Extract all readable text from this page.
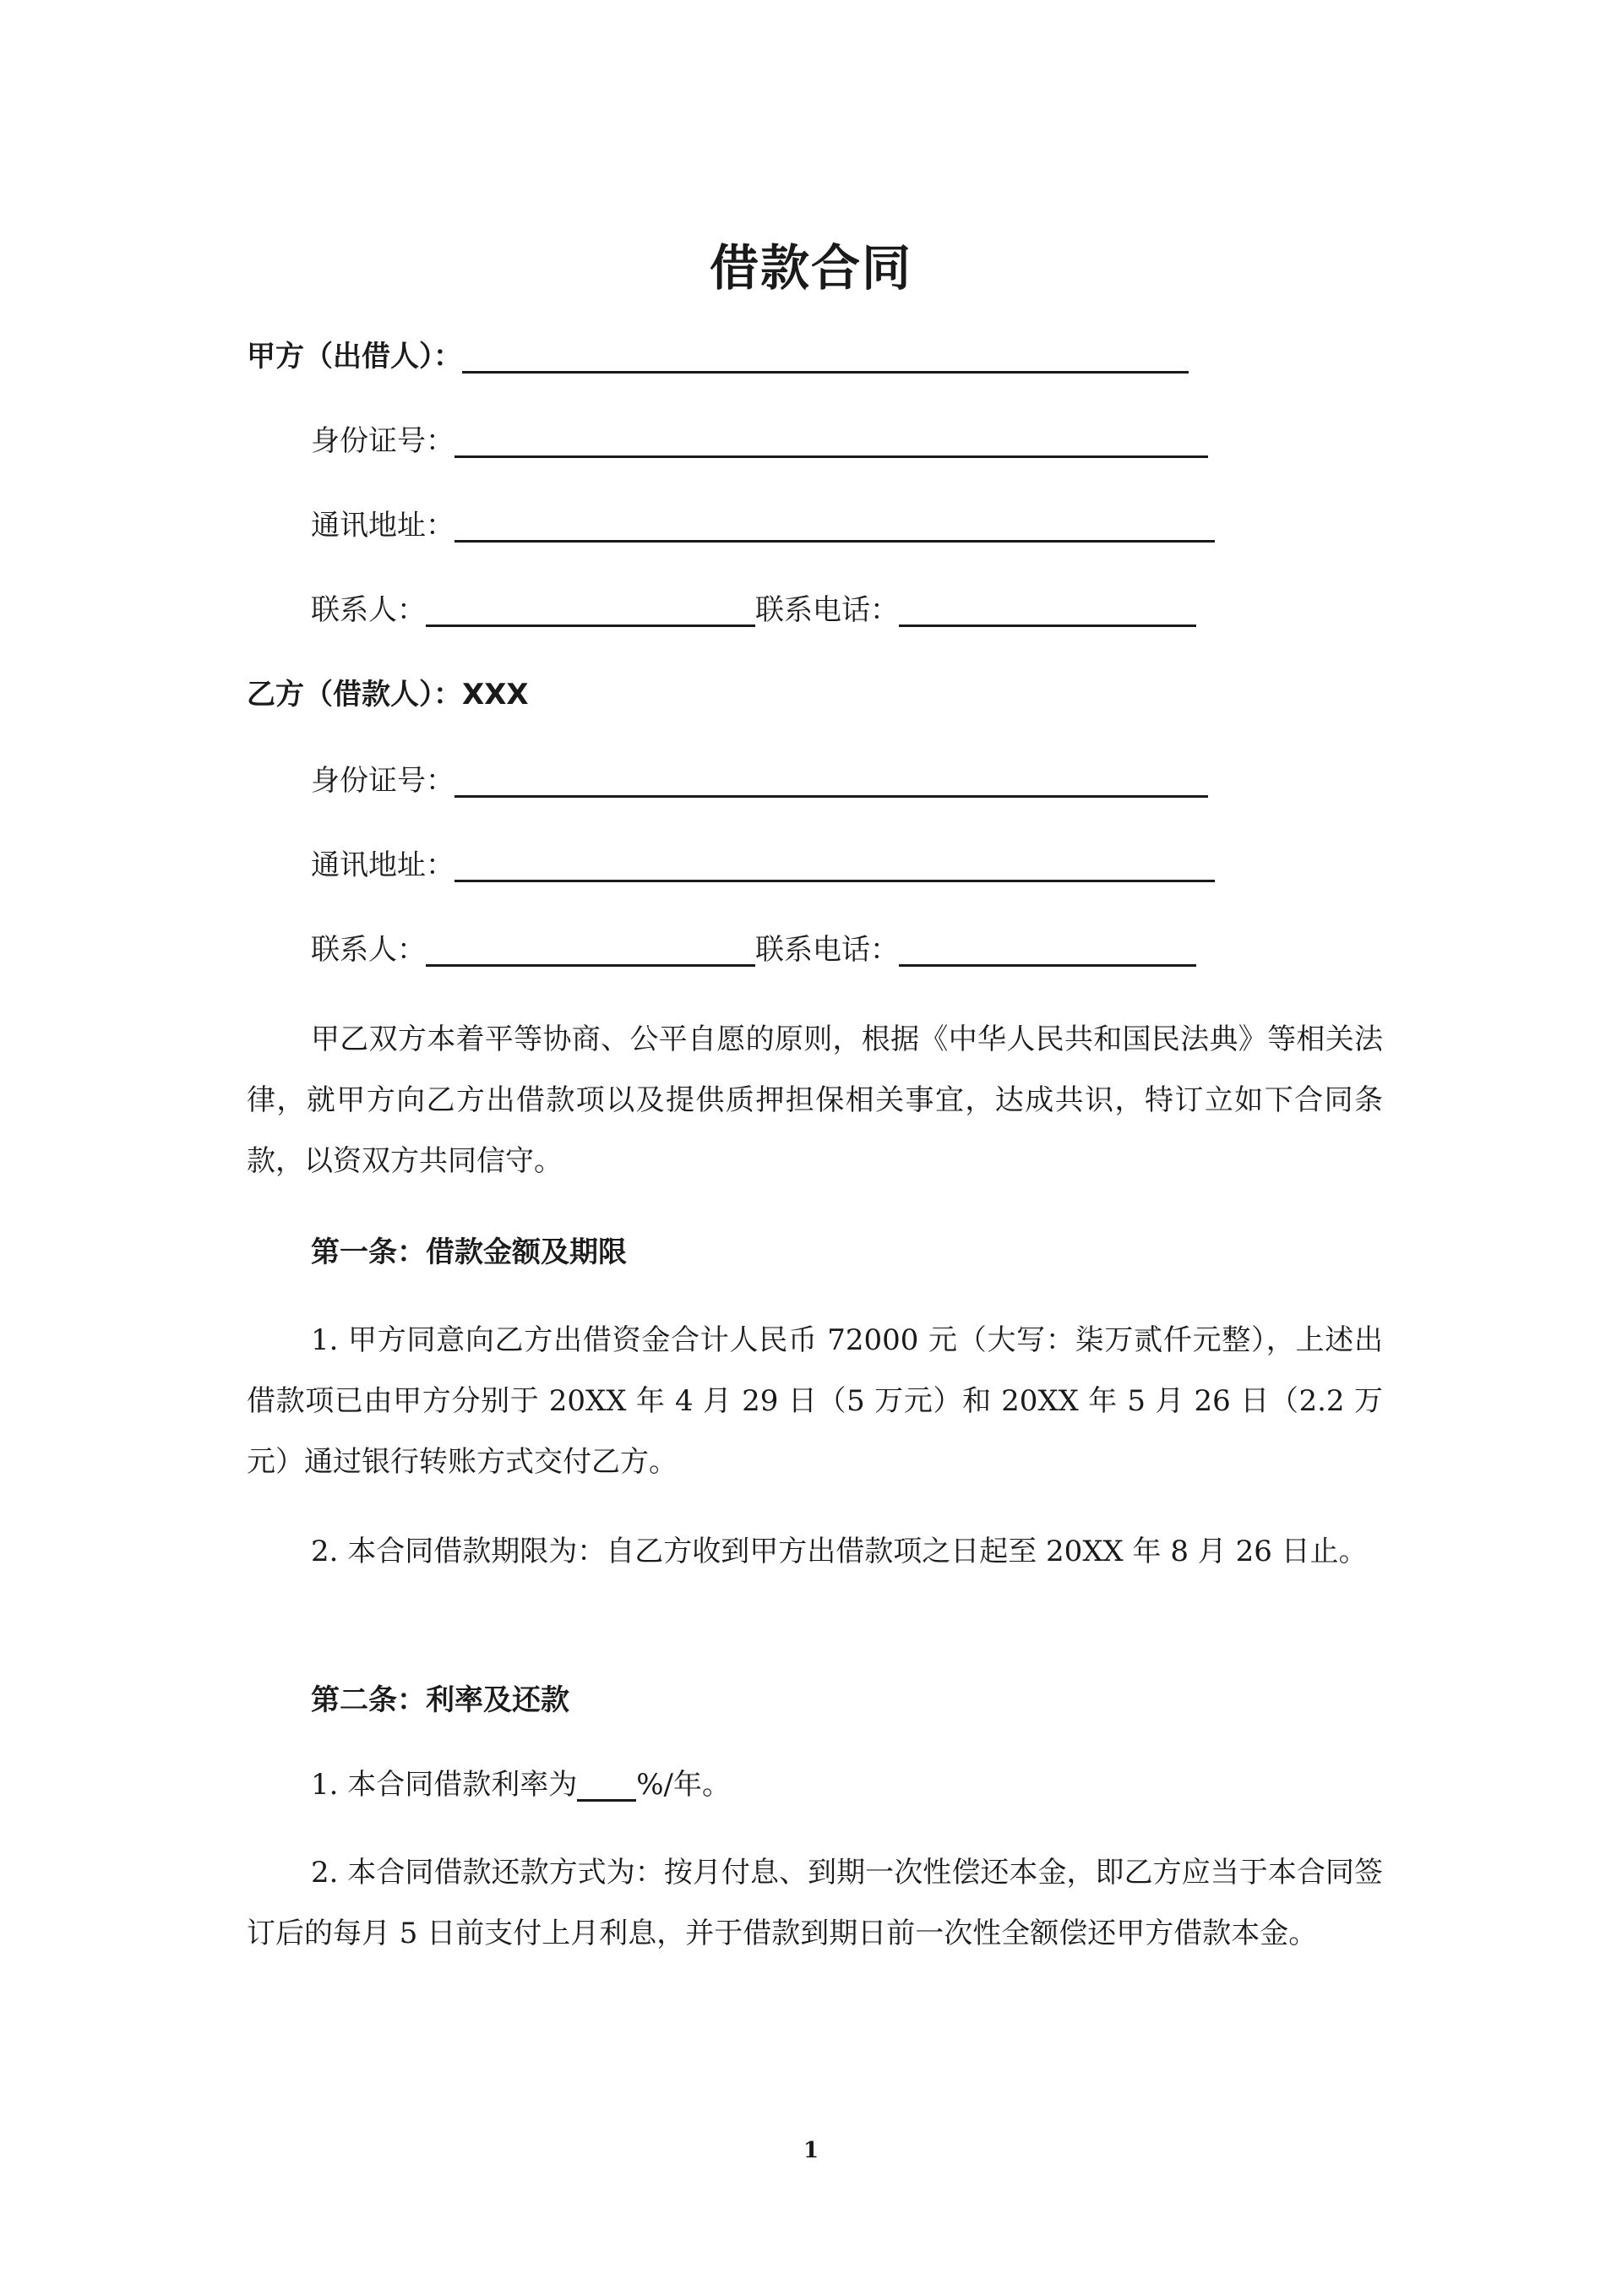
借款合同
甲方（出借人）：
身份证号：
通讯地址：
联系人：	联系电话：
乙方（借款人）：XXX
身份证号：
通讯地址：
联系人：	联系电话：
甲乙双方本着平等协商、公平自愿的原则，根据《中华人民共和国民法典》等相关法律，就甲方向乙方出借款项以及提供质押担保相关事宜，达成共识，特订立如下合同条款，以资双方共同信守。
第一条：借款金额及期限
1. 甲方同意向乙方出借资金合计人民币 72000 元（大写：柒万贰仟元整），上述出借款项已由甲方分别于 20XX 年 4 月 29 日（5 万元）和 20XX 年 5 月 26 日（2.2 万元）通过银行转账方式交付乙方。
2. 本合同借款期限为：自乙方收到甲方出借款项之日起至 20XX 年 8 月 26 日止。
第二条：利率及还款
1. 本合同借款利率为 %/年。
2. 本合同借款还款方式为：按月付息、到期一次性偿还本金，即乙方应当于本合同签订后的每月 5 日前支付上月利息，并于借款到期日前一次性全额偿还甲方借款本金。
1
